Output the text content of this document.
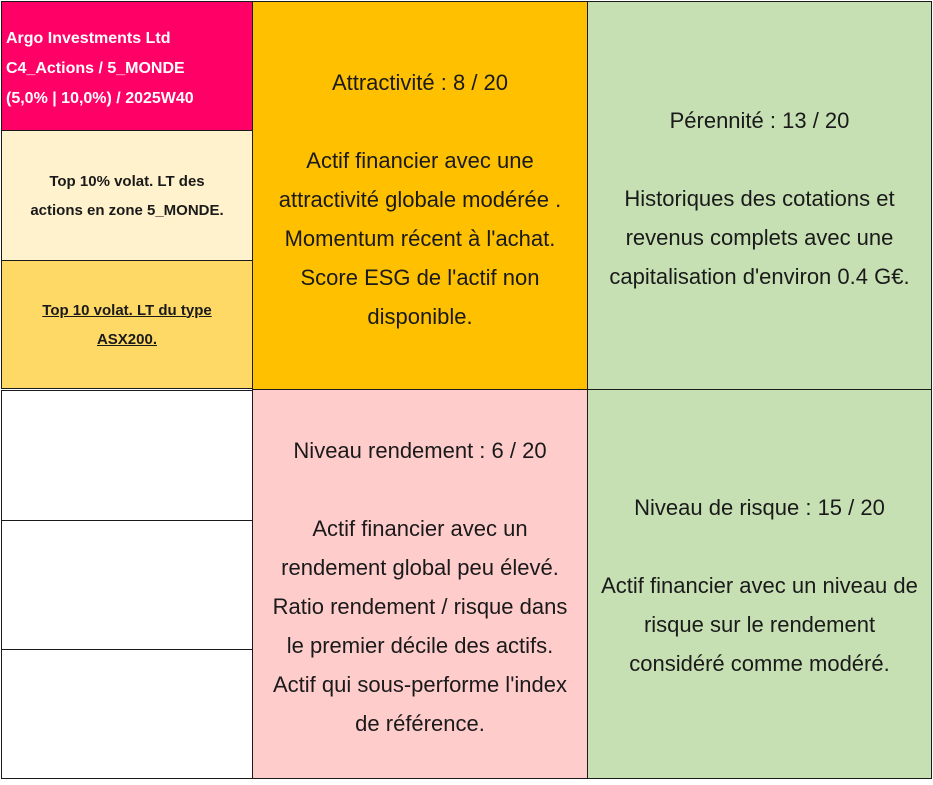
Argo Investments Ltd
C4_Actions / 5_MONDE
(5,0% | 10,0%) / 2025W40
Top 10% volat. LT des
actions en zone 5_MONDE.
Top 10 volat. LT du type
ASX200.
Attractivité : 8 / 20
Actif financier avec une
attractivité globale modérée .
Momentum récent à l'achat.
Score ESG de l'actif non
disponible.
Pérennité : 13 / 20
Historiques des cotations et
revenus complets avec une
capitalisation d'environ 0.4 G€.
Niveau rendement : 6 / 20
Actif financier avec un
rendement global peu élevé.
Ratio rendement / risque dans
le premier décile des actifs.
Actif qui sous-performe l'index
de référence.
Niveau de risque : 15 / 20
Actif financier avec un niveau de
risque sur le rendement
considéré comme modéré.
